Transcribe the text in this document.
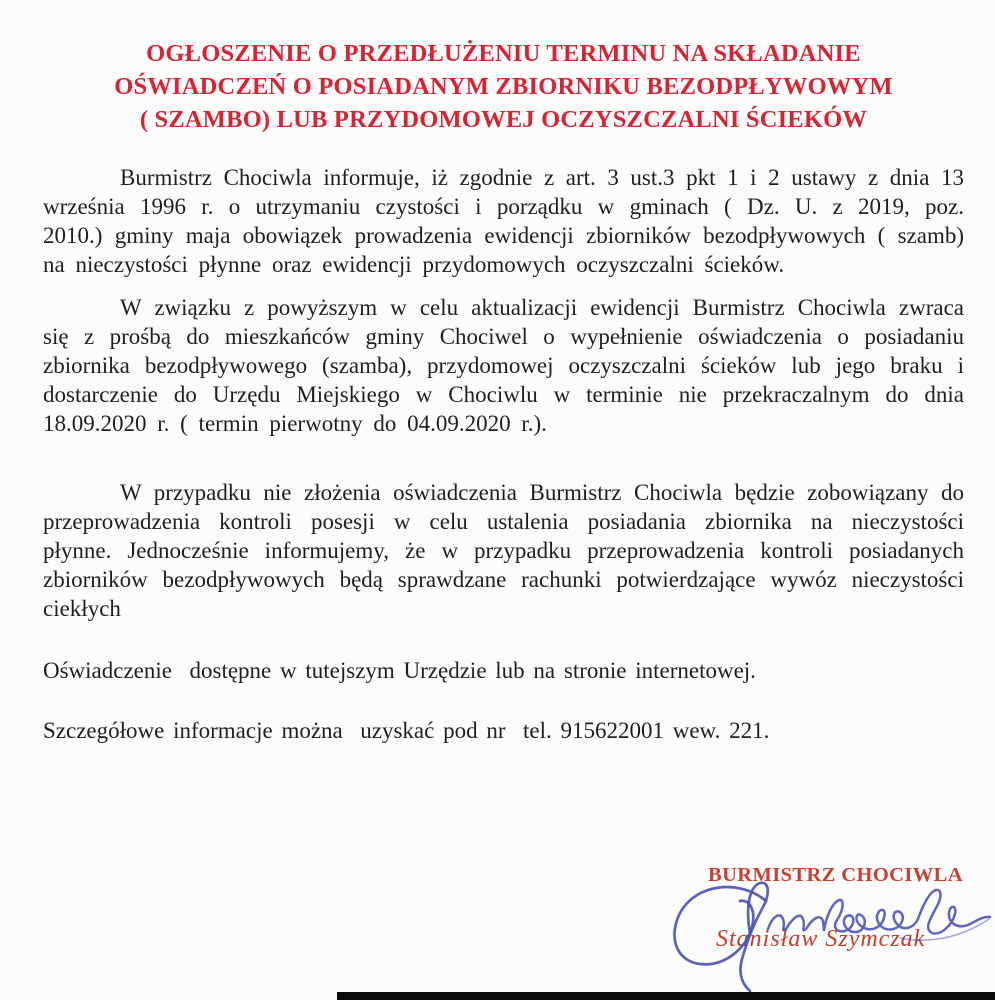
OGŁOSZENIE O PRZEDŁUŻENIU TERMINU NA SKŁADANIE
OŚWIADCZEŃ O POSIADANYM ZBIORNIKU BEZODPŁYWOWYM
( SZAMBO) LUB PRZYDOMOWEJ OCZYSZCZALNI ŚCIEKÓW

Burmistrz Chociwla informuje, iż zgodnie z art. 3 ust.3 pkt 1 i 2 ustawy z dnia 13 września 1996 r. o utrzymaniu czystości i porządku w gminach ( Dz. U. z 2019, poz. 2010.) gminy maja obowiązek prowadzenia ewidencji zbiorników bezodpływowych ( szamb) na nieczystości płynne oraz ewidencji przydomowych oczyszczalni ścieków.

W związku z powyższym w celu aktualizacji ewidencji Burmistrz Chociwla zwraca się z prośbą do mieszkańców gminy Chociwel o wypełnienie oświadczenia o posiadaniu zbiornika bezodpływowego (szamba), przydomowej oczyszczalni ścieków lub jego braku i dostarczenie do Urzędu Miejskiego w Chociwlu w terminie nie przekraczalnym do dnia 18.09.2020 r. ( termin pierwotny do 04.09.2020 r.).

W przypadku nie złożenia oświadczenia Burmistrz Chociwla będzie zobowiązany do przeprowadzenia kontroli posesji w celu ustalenia posiadania zbiornika na nieczystości płynne. Jednocześnie informujemy, że w przypadku przeprowadzenia kontroli posiadanych zbiorników bezodpływowych będą sprawdzane rachunki potwierdzające wywóz nieczystości ciekłych

Oświadczenie  dostępne w tutejszym Urzędzie lub na stronie internetowej.

Szczegółowe informacje można  uzyskać pod nr  tel. 915622001 wew. 221.

BURMISTRZ CHOCIWLA
Stanisław Szymczak
